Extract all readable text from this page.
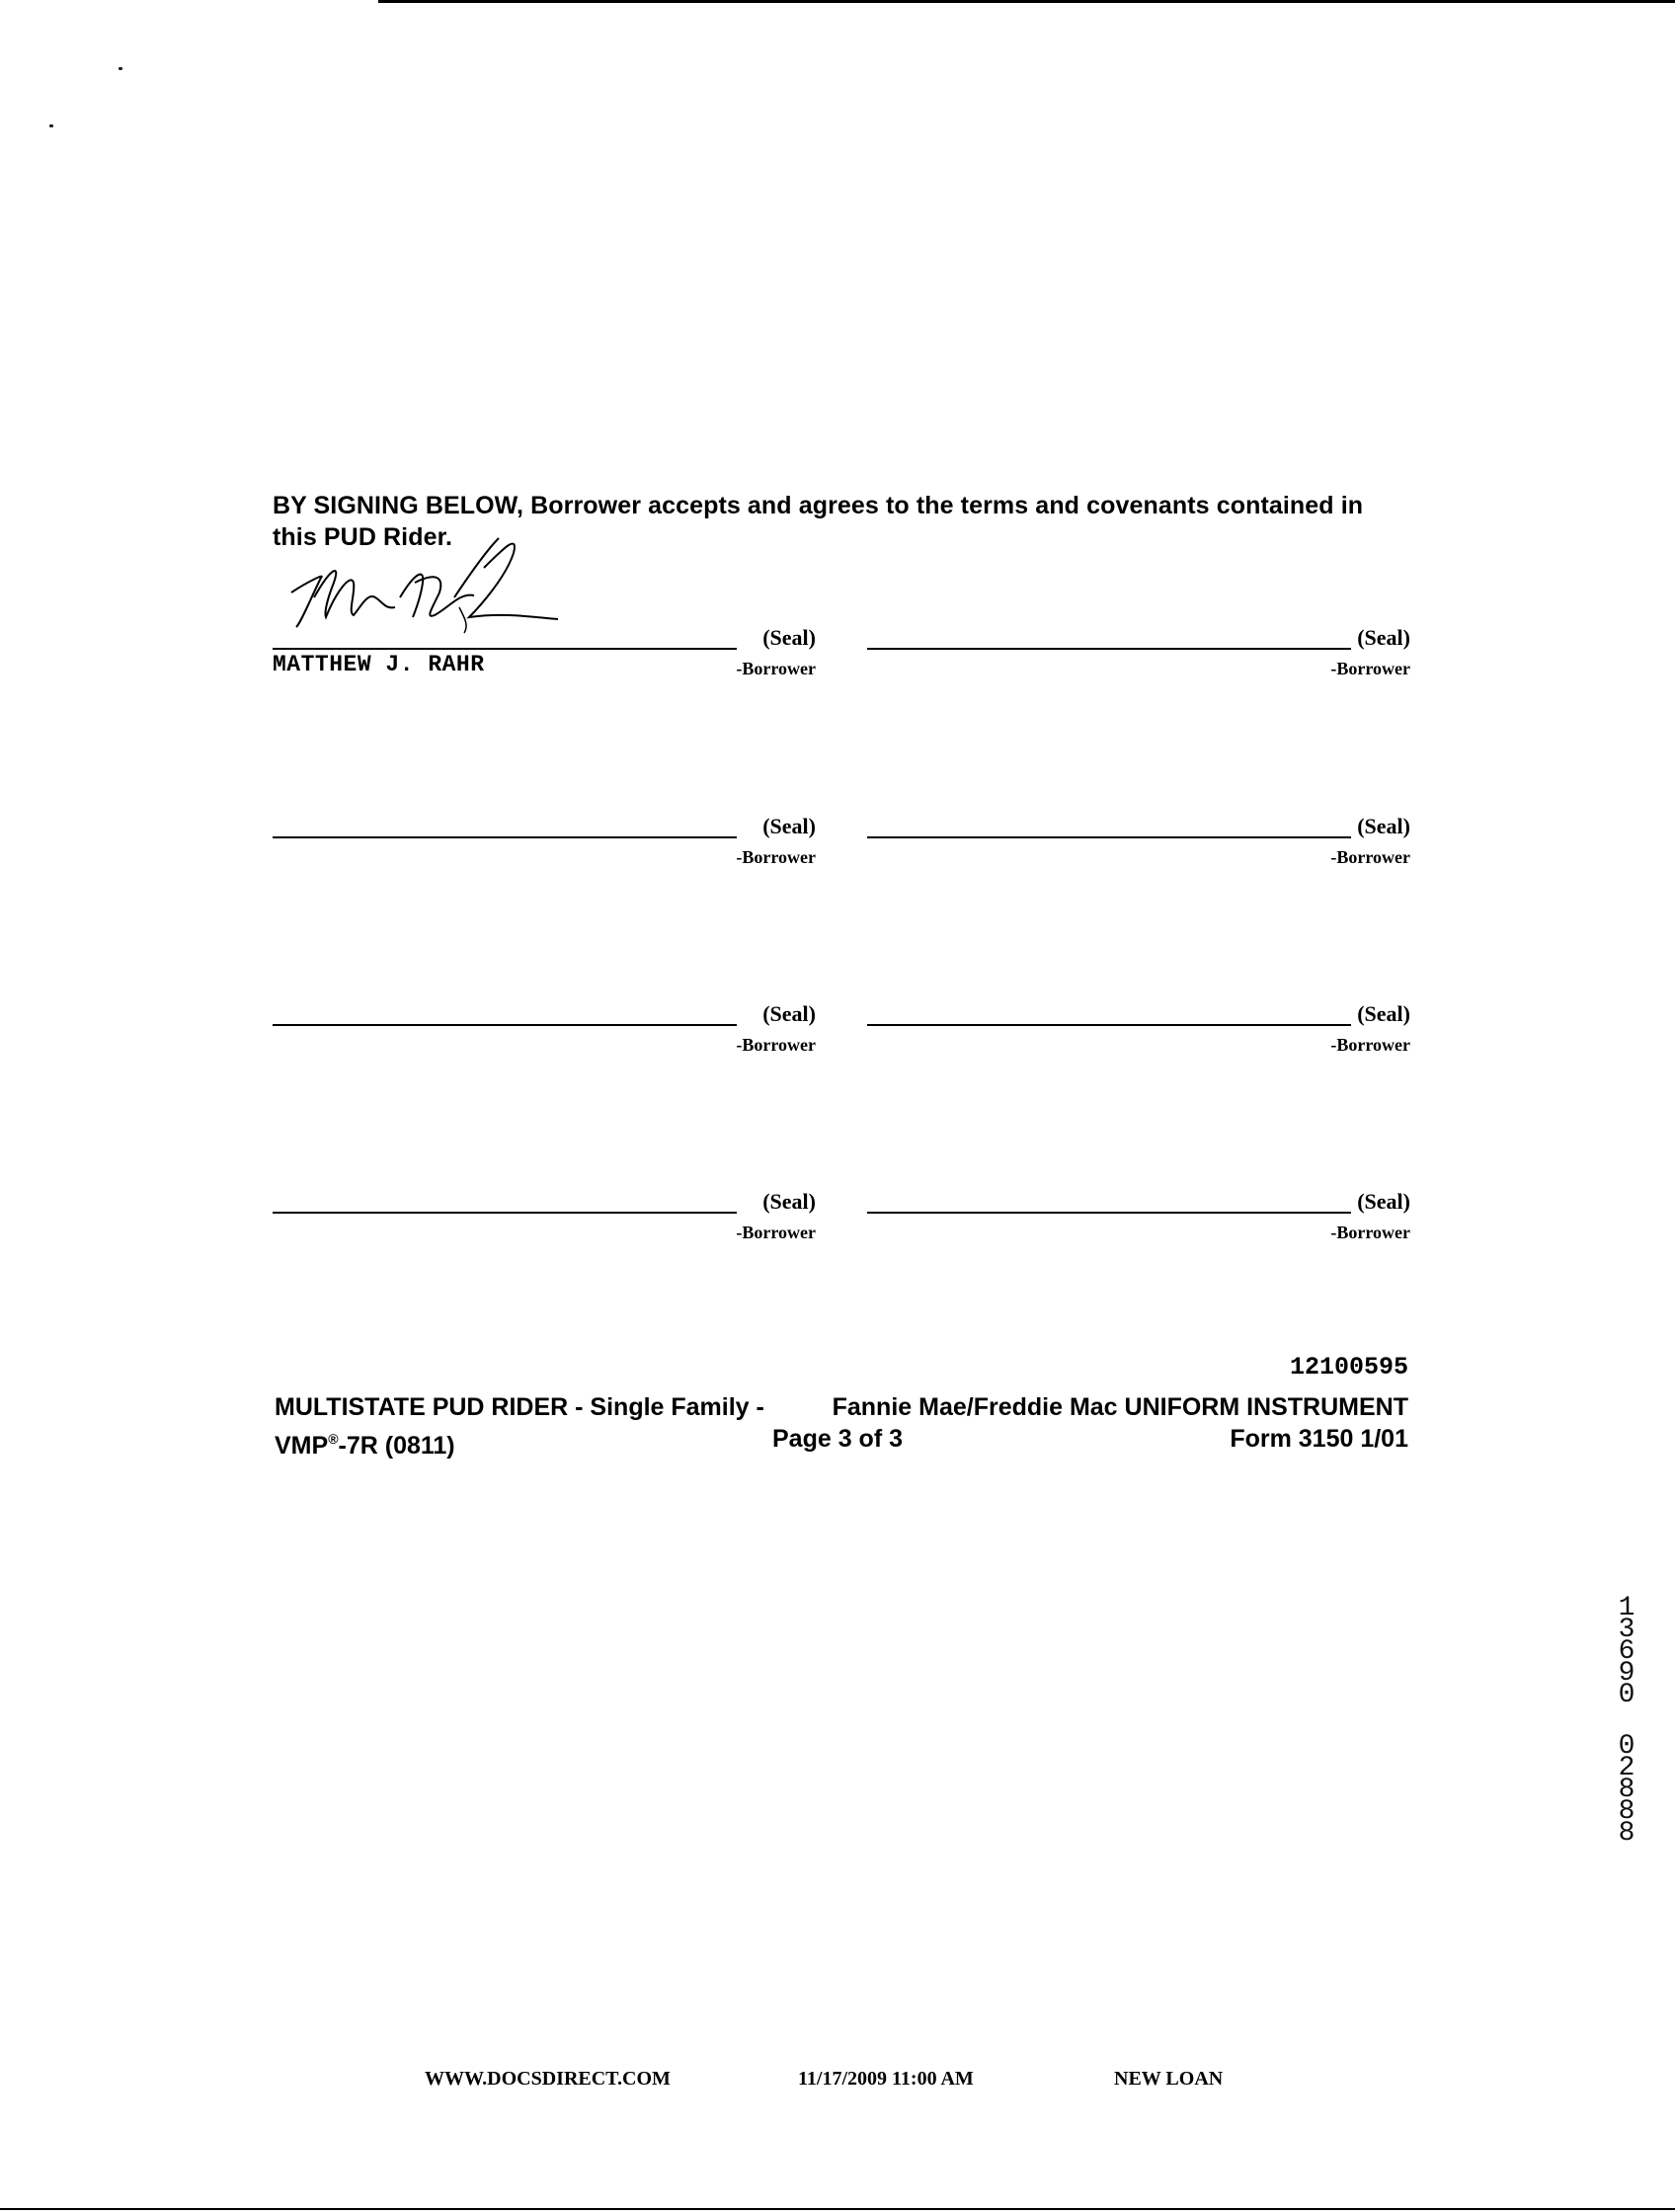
BY SIGNING BELOW, Borrower accepts and agrees to the terms and covenants contained in this PUD Rider.
(Seal)
-Borrower
MATTHEW J. RAHR
(Seal)
-Borrower
(Seal)
-Borrower
(Seal)
-Borrower
(Seal)
-Borrower
(Seal)
-Borrower
(Seal)
-Borrower
(Seal)
-Borrower
12100595
MULTISTATE PUD RIDER - Single Family -	Fannie Mae/Freddie Mac UNIFORM INSTRUMENT
VMP®-7R (0811)	Page 3 of 3	Form 3150 1/01
1
3
6
9
0
0
2
8
8
8
WWW.DOCSDIRECT.COM	11/17/2009 11:00 AM	NEW LOAN
